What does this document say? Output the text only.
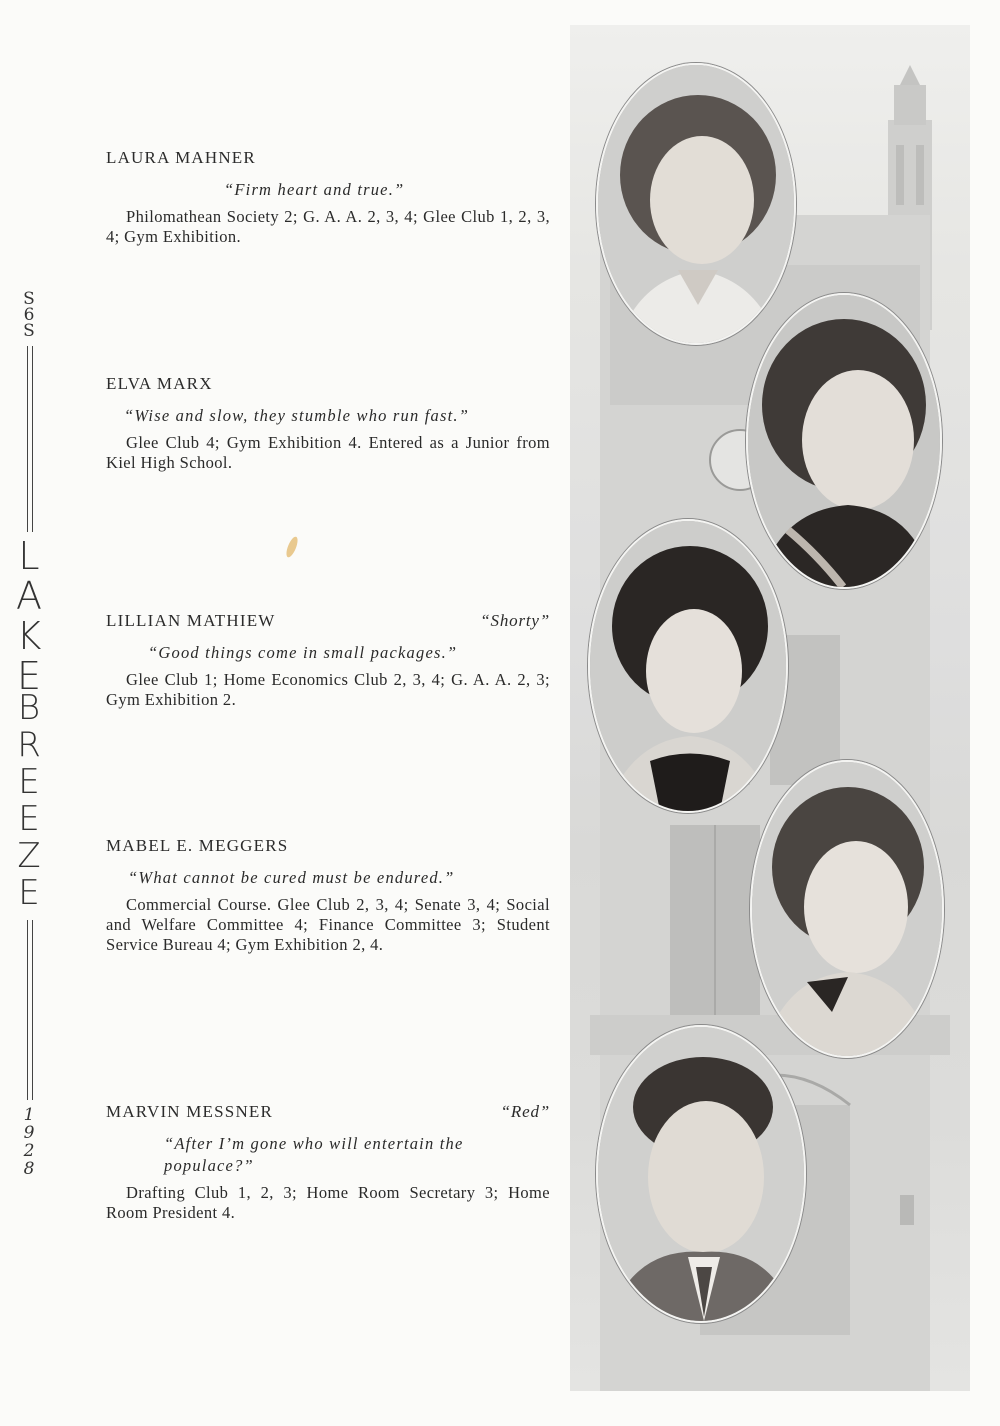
S
6
S
L
A
K
E
B
R
E
E
Z
E
1
9
2
8
LAURA MAHNER
“Firm heart and true.”
Philomathean Society 2; G. A. A. 2, 3, 4; Glee Club 1, 2, 3, 4; Gym Exhibition.
ELVA MARX
“Wise and slow, they stumble who run fast.”
Glee Club 4; Gym Exhibition 4. Entered as a Junior from Kiel High School.
LILLIAN MATHIEW	“Shorty”
“Good things come in small packages.”
Glee Club 1; Home Economics Club 2, 3, 4; G. A. A. 2, 3; Gym Exhibition 2.
MABEL E. MEGGERS
“What cannot be cured must be endured.”
Commercial Course. Glee Club 2, 3, 4; Senate 3, 4; Social and Welfare Committee 4; Finance Committee 3; Student Service Bureau 4; Gym Exhibition 2, 4.
MARVIN MESSNER	“Red”
“After I’m gone who will entertain the populace?”
Drafting Club 1, 2, 3; Home Room Secretary 3; Home Room President 4.
